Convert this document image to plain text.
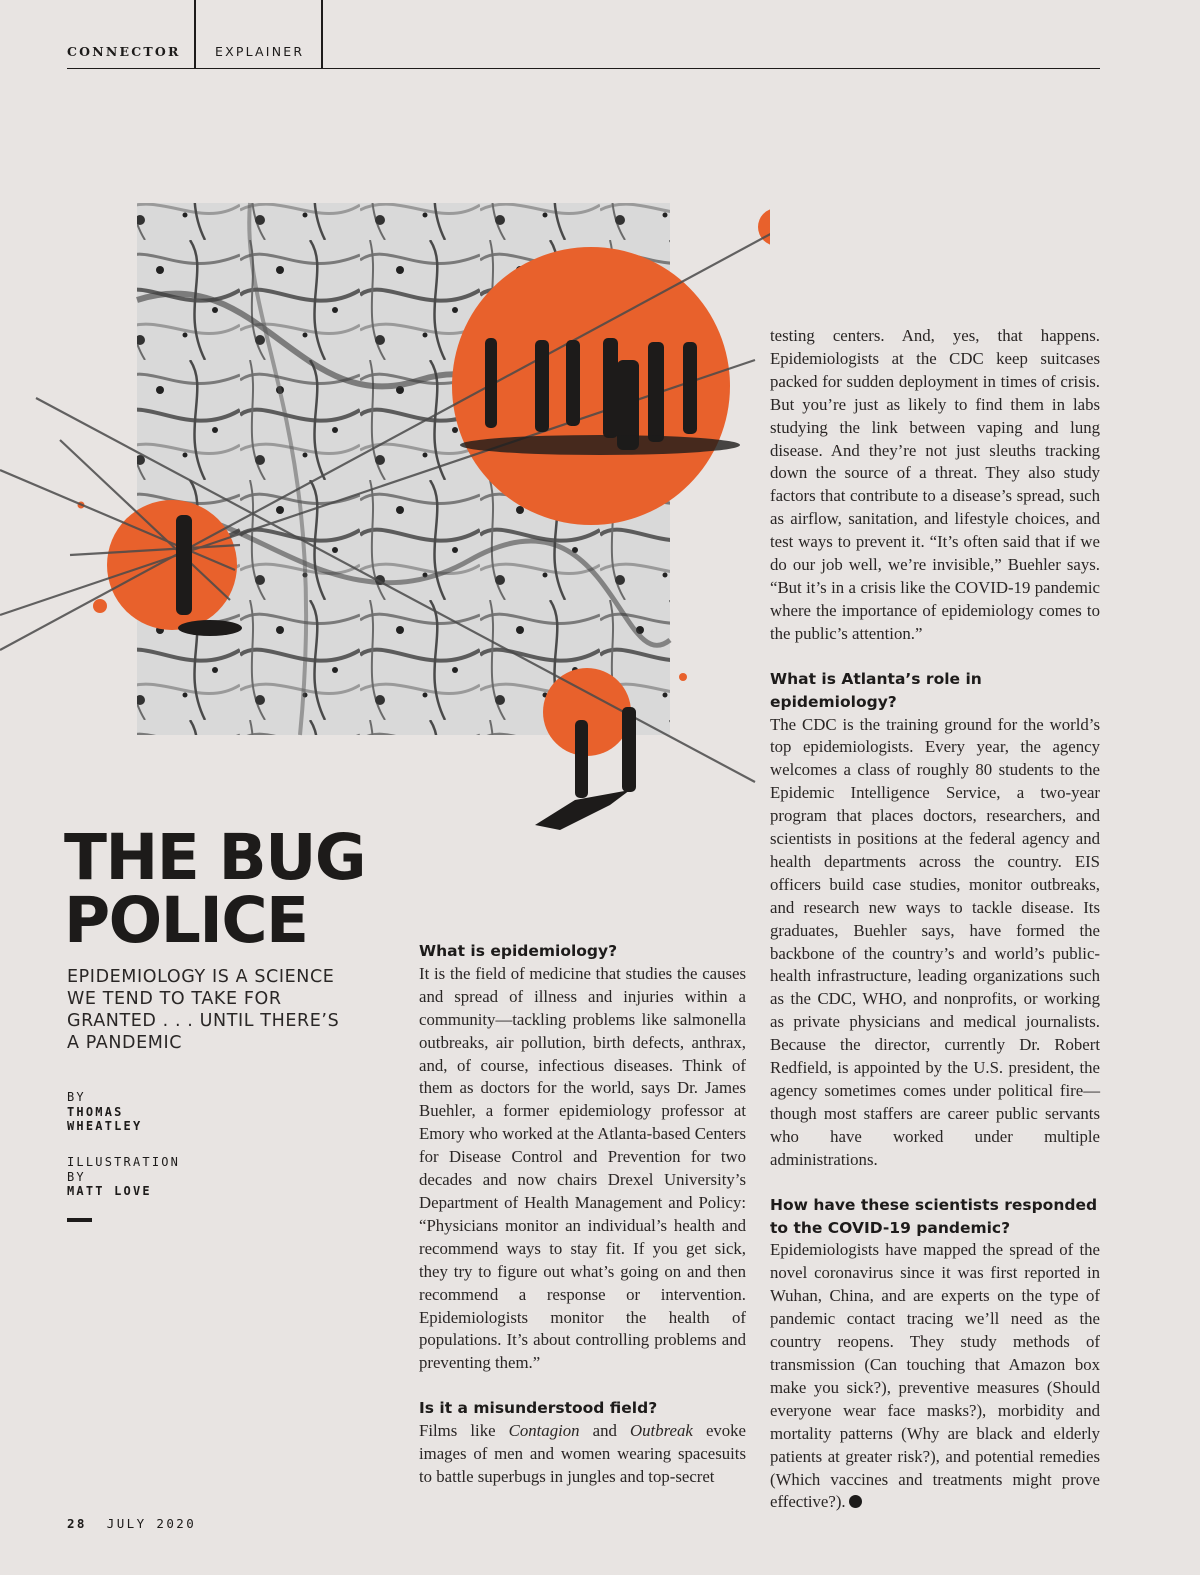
CONNECTOR	EXPLAINER
THE BUG
POLICE

EPIDEMIOLOGY IS A SCIENCE WE TEND TO TAKE FOR GRANTED . . . UNTIL THERE’S A PANDEMIC

BY
THOMAS
WHEATLEY
ILLUSTRATION
BY
MATT LOVE
What is epidemiology?
It is the field of medicine that studies the causes and spread of illness and injuries within a community—tackling problems like salmonella outbreaks, air pollution, birth defects, anthrax, and, of course, infectious diseases. Think of them as doctors for the world, says Dr. James Buehler, a former epidemiology professor at Emory who worked at the Atlanta-based Centers for Disease Control and Prevention for two decades and now chairs Drexel University’s Department of Health Management and Policy: “Physicians monitor an individual’s health and recommend ways to stay fit. If you get sick, they try to figure out what’s going on and then recommend a response or intervention. Epidemiologists monitor the health of populations. It’s about controlling problems and preventing them.”
Is it a misunderstood field?
Films like Contagion and Outbreak evoke images of men and women wearing spacesuits to battle superbugs in jungles and top-secret
testing centers. And, yes, that happens. Epidemiologists at the CDC keep suitcases packed for sudden deployment in times of crisis. But you’re just as likely to find them in labs studying the link between vaping and lung disease. And they’re not just sleuths tracking down the source of a threat. They also study factors that contribute to a disease’s spread, such as airflow, sanitation, and lifestyle choices, and test ways to prevent it. “It’s often said that if we do our job well, we’re invisible,” Buehler says. “But it’s in a crisis like the COVID-19 pandemic where the importance of epidemiology comes to the public’s attention.”
What is Atlanta’s role in epidemiology?
The CDC is the training ground for the world’s top epidemiologists. Every year, the agency welcomes a class of roughly 80 students to the Epidemic Intelligence Service, a two-year program that places doctors, researchers, and scientists in positions at the federal agency and health departments across the country. EIS officers build case studies, monitor outbreaks, and research new ways to tackle disease. Its graduates, Buehler says, have formed the backbone of the country’s and world’s public-health infrastructure, leading organizations such as the CDC, WHO, and nonprofits, or working as private physicians and medical journalists. Because the director, currently Dr. Robert Redfield, is appointed by the U.S. president, the agency sometimes comes under political fire—though most staffers are career public servants who have worked under multiple administrations.
How have these scientists responded to the COVID-19 pandemic?
Epidemiologists have mapped the spread of the novel coronavirus since it was first reported in Wuhan, China, and are experts on the type of pandemic contact tracing we’ll need as the country reopens. They study methods of transmission (Can touching that Amazon box make you sick?), preventive measures (Should everyone wear face masks?), morbidity and mortality patterns (Why are black and elderly patients at greater risk?), and potential remedies (Which vaccines and treatments might prove effective?).
28 JULY 2020
